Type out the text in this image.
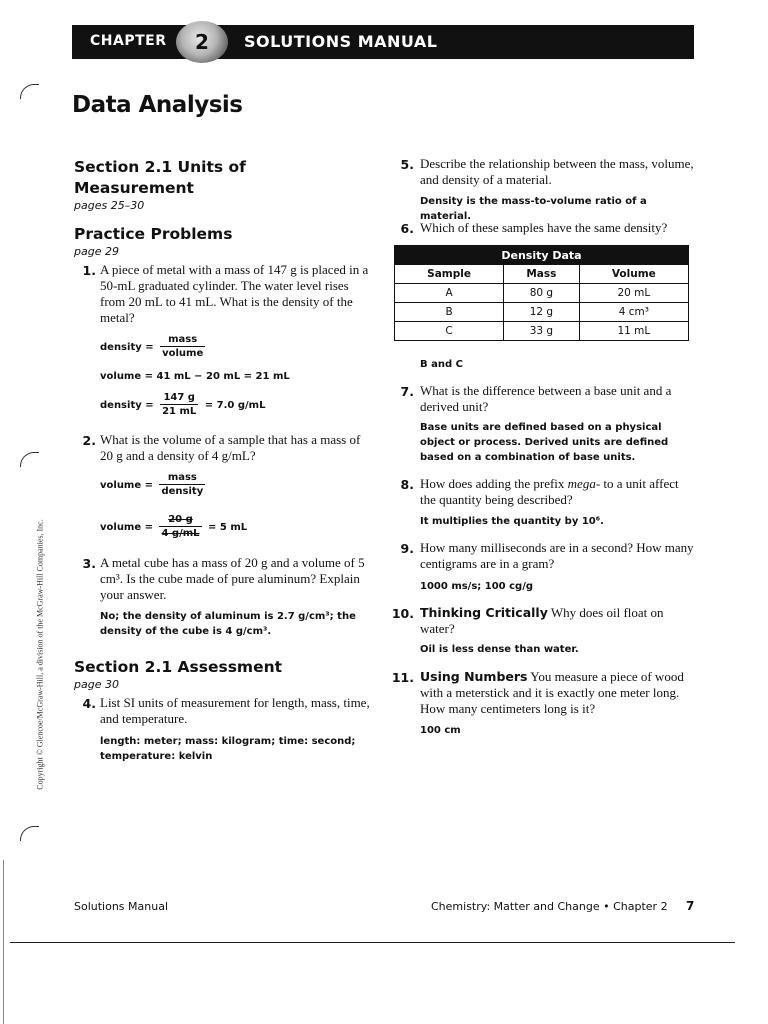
CHAPTER	2	SOLUTIONS MANUAL
Data Analysis
Section 2.1 Units of
Measurement
pages 25–30
Practice Problems
page 29
1. A piece of metal with a mass of 147 g is placed in a 50-mL graduated cylinder. The water level rises from 20 mL to 41 mL. What is the density of the metal?
density = $\frac{\text{mass}}{\text{volume}}$
volume = 41 mL − 20 mL = 21 mL
density = $\frac{147 g}{21 mL} = 7.0$ g/mL
2. What is the volume of a sample that has a mass of 20 g and a density of 4 g/mL?
volume = $\frac{\text{mass}}{\text{density}}$
volume = $\frac{20 g}{4 g/mL} = 5$ mL
3. A metal cube has a mass of 20 g and a volume of 5 cm³. Is the cube made of pure aluminum? Explain your answer.
No; the density of aluminum is 2.7 g/cm³; the density of the cube is 4 g/cm³.
Section 2.1 Assessment
page 30
4. List SI units of measurement for length, mass, time, and temperature.
length: meter; mass: kilogram; time: second; temperature: kelvin
5. Describe the relationship between the mass, volume, and density of a material.
Density is the mass-to-volume ratio of a material.
6. Which of these samples have the same density?
Density Data		
Sample	Mass	Volume
A	80 g	20 mL
B	12 g	4 cm³
C	33 g	11 mL
B and C
7. What is the difference between a base unit and a derived unit?
Base units are defined based on a physical object or process. Derived units are defined based on a combination of base units.
8. How does adding the prefix mega- to a unit affect the quantity being described?
It multiplies the quantity by 10⁶.
9. How many milliseconds are in a second? How many centigrams are in a gram?
1000 ms/s; 100 cg/g
10. Thinking Critically Why does oil float on water?
Oil is less dense than water.
11. Using Numbers You measure a piece of wood with a meterstick and it is exactly one meter long. How many centimeters long is it?
100 cm
Solutions Manual	Chemistry: Matter and Change • Chapter 2 7
Copyright © Glencoe/McGraw-Hill, a division of the McGraw-Hill Companies, Inc.
